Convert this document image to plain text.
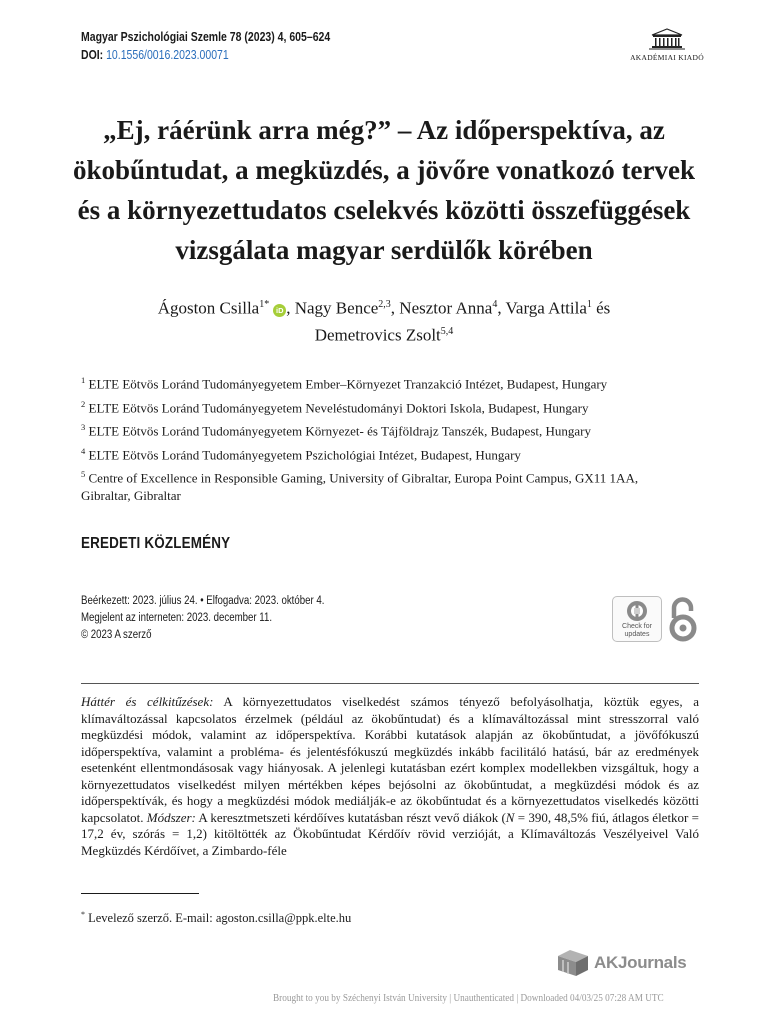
Magyar Pszichológiai Szemle 78 (2023) 4, 605–624
DOI: 10.1556/0016.2023.00071	AKADÉMIAI KIADÓ
„Ej, ráérünk arra még?” – Az időperspektíva, az ökobűntudat, a megküzdés, a jövőre vonatkozó tervek és a környezettudatos cselekvés közötti összefüggések vizsgálata magyar serdülők körében
Ágoston Csilla$^{1*}$iD , Nagy Bence$^{2,3}$, Nesztor Anna$^4$, Varga Attila$^1$ és
Demetrovics Zsolt$^{5,4}$
$^1$ ELTE Eötvös Loránd Tudományegyetem Ember–Környezet Tranzakció Intézet, Budapest, Hungary
$^2$ ELTE Eötvös Loránd Tudományegyetem Neveléstudományi Doktori Iskola, Budapest, Hungary
$^3$ ELTE Eötvös Loránd Tudományegyetem Környezet- és Tájföldrajz Tanszék, Budapest, Hungary
$^4$ ELTE Eötvös Loránd Tudományegyetem Pszichológiai Intézet, Budapest, Hungary
$^5$ Centre of Excellence in Responsible Gaming, University of Gibraltar, Europa Point Campus, GX11 1AA, Gibraltar, Gibraltar
EREDETI KÖZLEMÉNY
Beérkezett: 2023. július 24. • Elfogadva: 2023. október 4.
Megjelent az interneten: 2023. december 11.
© 2023 A szerző
Check for updates
Háttér és célkitűzések: A környezettudatos viselkedést számos tényező befolyásolhatja, köztük egyes, a klímaváltozással kapcsolatos érzelmek (például az ökobűntudat) és a klímaváltozással mint stresszorral való megküzdési módok, valamint az időperspektíva. Korábbi kutatások alapján az ökobűntudat, a jövőfókuszú időperspektíva, valamint a probléma- és jelentésfókuszú megküzdés inkább facilitáló hatású, bár az eredmények esetenként ellentmondásosak vagy hiányosak. A jelenlegi kutatásban ezért komplex modellekben vizsgáltuk, hogy a környezettudatos viselkedést milyen mértékben képes bejósolni az ökobűntudat, a megküzdési módok és az időperspektívák, és hogy a megküzdési módok mediálják-e az ökobűntudat és a környezettudatos viselkedés közötti kapcsolatot. Módszer: A keresztmetszeti kérdőíves kutatásban részt vevő diákok (N = 390, 48,5% fiú, átlagos életkor = 17,2 év, szórás = 1,2) kitöltötték az Ökobűntudat Kérdőív rövid verzióját, a Klímaváltozás Veszélyeivel Való Megküzdés Kérdőívet, a Zimbardo-féle
* Levelező szerző. E-mail: agoston.csilla@ppk.elte.hu
AKJournals
Brought to you by Széchenyi István University | Unauthenticated | Downloaded 04/03/25 07:28 AM UTC
